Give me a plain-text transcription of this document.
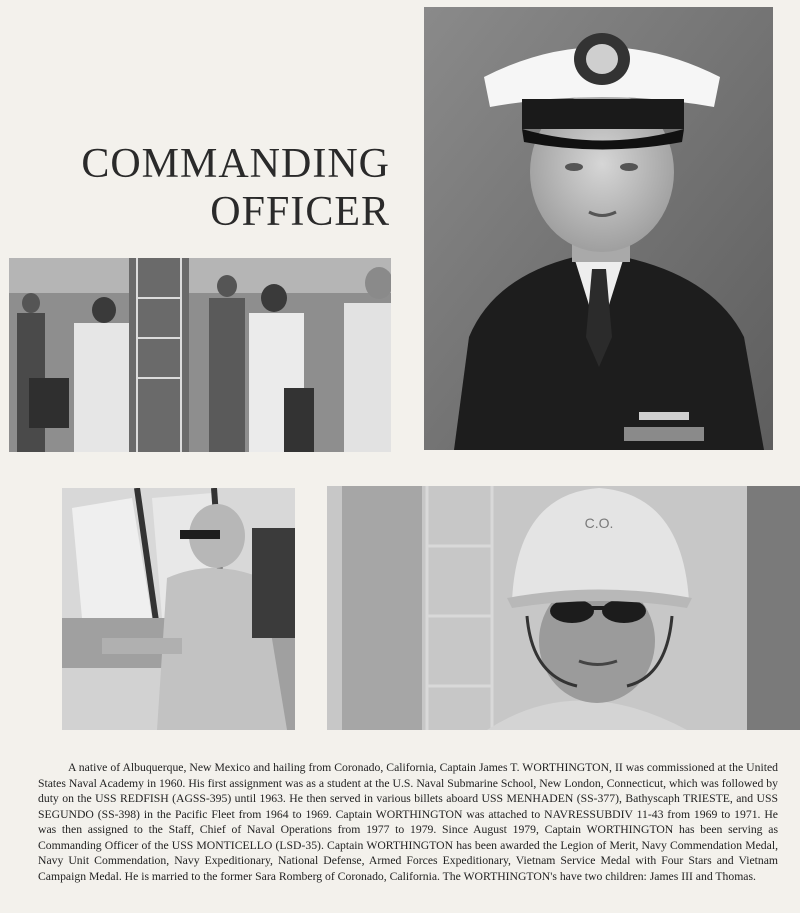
COMMANDING
OFFICER
C.O.

A native of Albuquerque, New Mexico and hailing from Coronado, California, Captain James T. WORTHINGTON, II was commissioned at the United States Naval Academy in 1960. His first assignment was as a student at the U.S. Naval Submarine School, New London, Connecticut, which was followed by duty on the USS REDFISH (AGSS-395) until 1963. He then served in various billets aboard USS MENHADEN (SS-377), Bathyscaph TRIESTE, and USS SEGUNDO (SS-398) in the Pacific Fleet from 1964 to 1969. Captain WORTHINGTON was attached to NAVRESSUBDIV 11-43 from 1969 to 1971. He was then assigned to the Staff, Chief of Naval Operations from 1977 to 1979. Since August 1979, Captain WORTHINGTON has been serving as Commanding Officer of the USS MONTICELLO (LSD-35). Captain WORTHINGTON has been awarded the Legion of Merit, Navy Commendation Medal, Navy Unit Commendation, Navy Expeditionary, National Defense, Armed Forces Expeditionary, Vietnam Service Medal with Four Stars and Vietnam Campaign Medal. He is married to the former Sara Romberg of Coronado, California. The WORTHINGTON's have two children: James III and Thomas.
